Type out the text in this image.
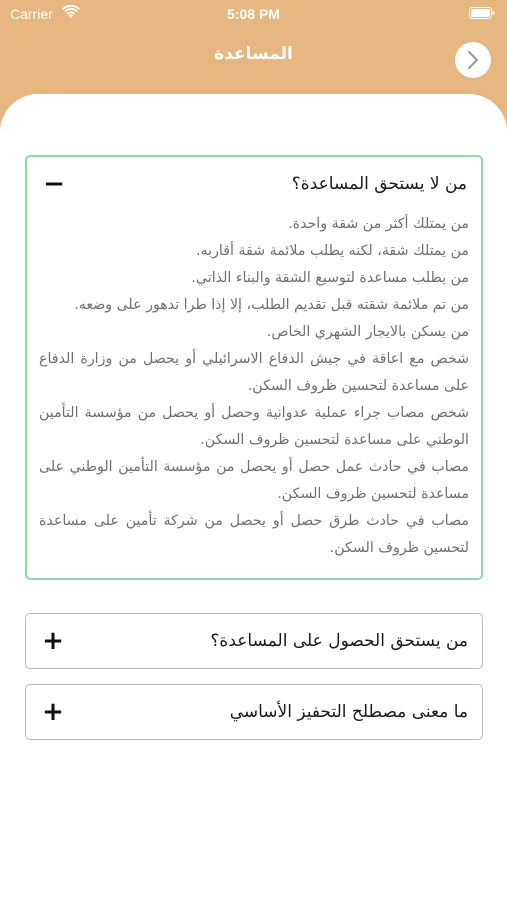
Carrier	5:08 PM
المساعدة
من لا يستحق المساعدة؟
−

من يمتلك أكثر من شقة واحدة.

من يمتلك شقة، لكنه يطلب ملائمة شقة أقاربه.

من يطلب مساعدة لتوسيع الشقة والبناء الذاتي.

من تم ملائمة شقته قبل تقديم الطلب، إلا إذا طرا تدهور على وضعه.

من يسكن بالايجار الشهري الخاص.

شخص مع اعاقة في جيش الدفاع الاسرائيلي أو يحصل من وزارة الدفاع على مساعدة لتحسين ظروف السكن.

شخص مصاب جراء عملية عدوانية وحصل أو يحصل من مؤسسة التأمين الوطني على مساعدة لتحسين ظروف السكن.

مصاب في حادث عمل حصل أو يحصل من مؤسسة التأمين الوطني على مساعدة لتحسين ظروف السكن.

مصاب في حادث طرق حصل أو يحصل من شركة تأمين على مساعدة لتحسين ظروف السكن.

من يستحق الحصول على المساعدة؟
+
ما معنى مصطلح التحفيز الأساسي
+
